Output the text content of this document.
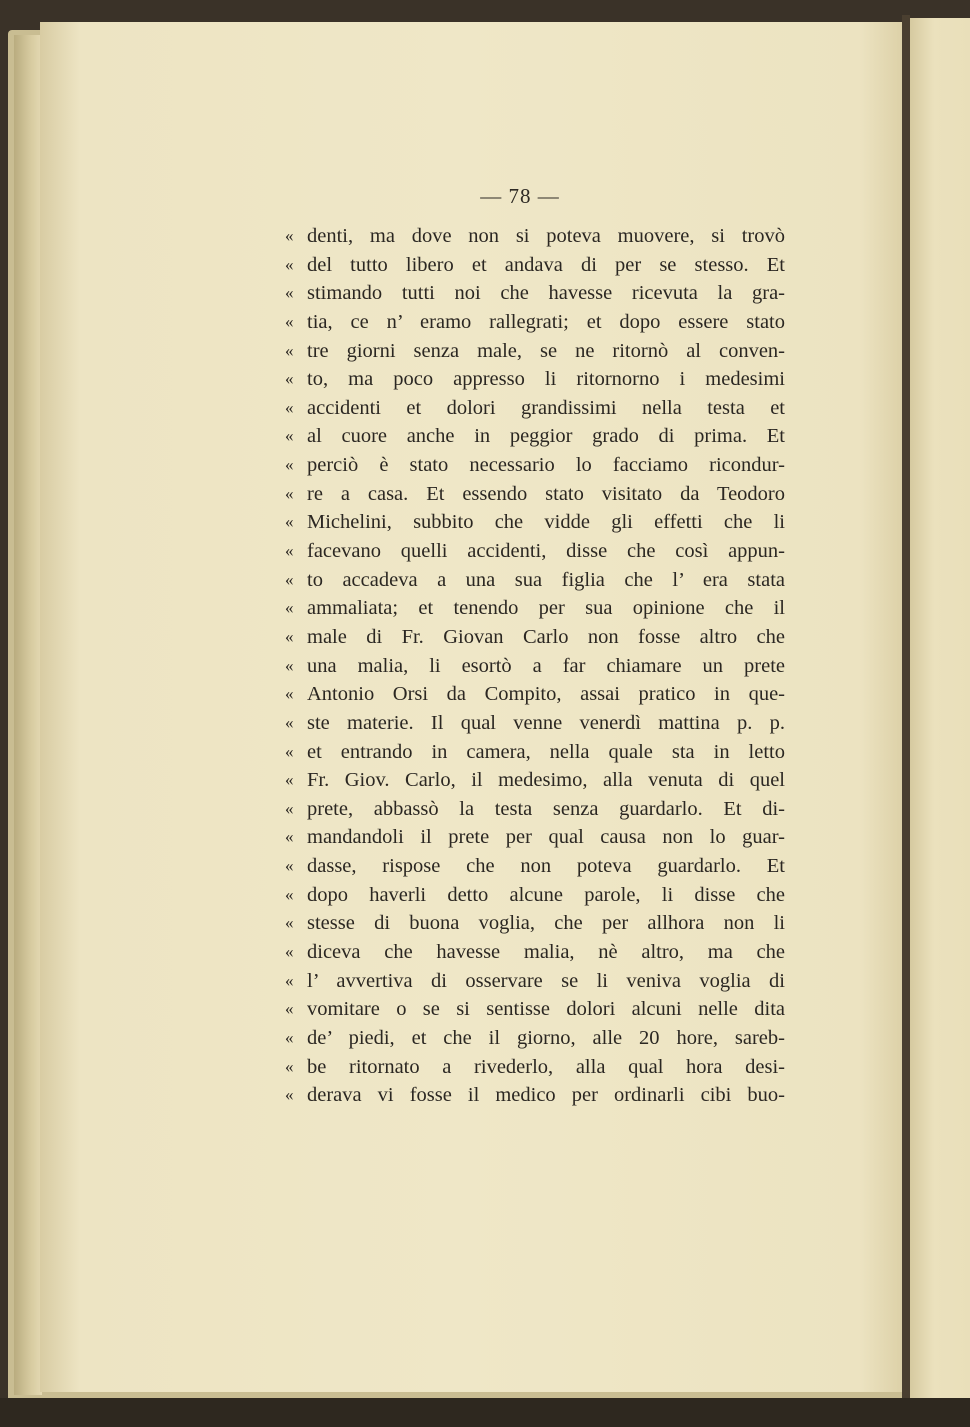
— 78 —
« denti, ma dove non si poteva muovere, si trovò
« del tutto libero et andava di per se stesso. Et
« stimando tutti noi che havesse ricevuta la gra-
« tia, ce n’ eramo rallegrati; et dopo essere stato
« tre giorni senza male, se ne ritornò al conven-
« to, ma poco appresso li ritornorno i medesimi
« accidenti et dolori grandissimi nella testa et
« al cuore anche in peggior grado di prima. Et
« perciò è stato necessario lo facciamo ricondur-
« re a casa. Et essendo stato visitato da Teodoro
« Michelini, subbito che vidde gli effetti che li
« facevano quelli accidenti, disse che così appun-
« to accadeva a una sua figlia che l’ era stata
« ammaliata; et tenendo per sua opinione che il
« male di Fr. Giovan Carlo non fosse altro che
« una malia, li esortò a far chiamare un prete
« Antonio Orsi da Compito, assai pratico in que-
« ste materie. Il qual venne venerdì mattina p. p.
« et entrando in camera, nella quale sta in letto
« Fr. Giov. Carlo, il medesimo, alla venuta di quel
« prete, abbassò la testa senza guardarlo. Et di-
« mandandoli il prete per qual causa non lo guar-
« dasse, rispose che non poteva guardarlo. Et
« dopo haverli detto alcune parole, li disse che
« stesse di buona voglia, che per allhora non li
« diceva che havesse malia, nè altro, ma che
« l’ avvertiva di osservare se li veniva voglia di
« vomitare o se si sentisse dolori alcuni nelle dita
« de’ piedi, et che il giorno, alle 20 hore, sareb-
« be ritornato a rivederlo, alla qual hora desi-
« derava vi fosse il medico per ordinarli cibi buo-
